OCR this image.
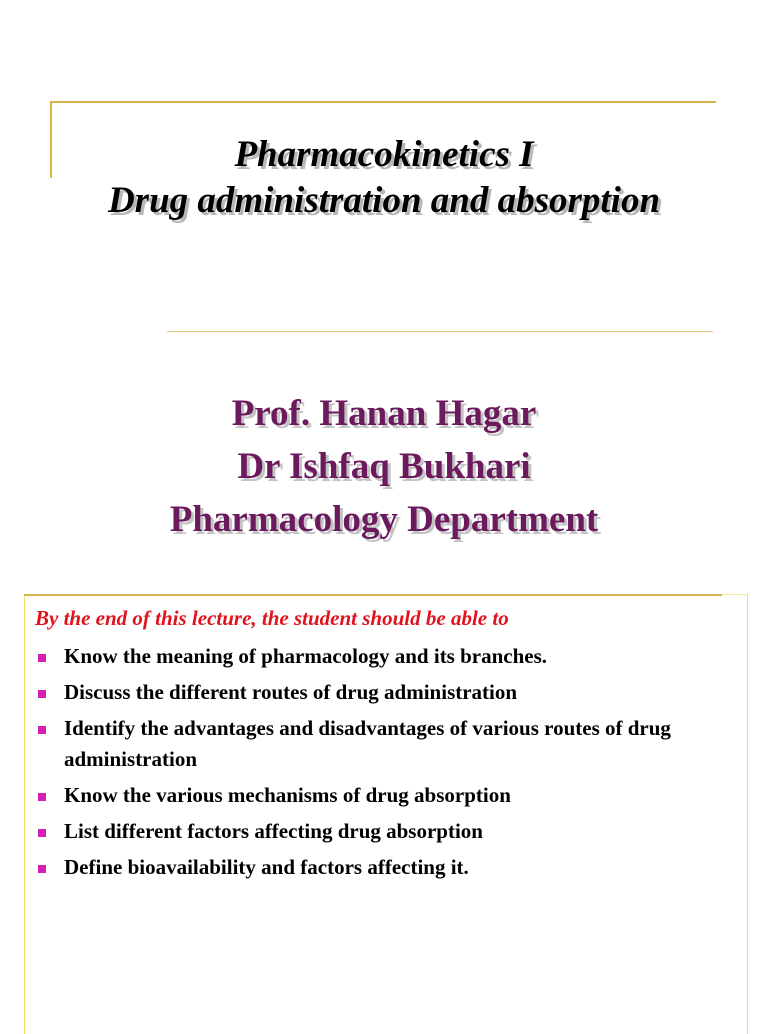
Pharmacokinetics I
Drug administration and absorption
Prof. Hanan Hagar
Dr Ishfaq Bukhari
Pharmacology Department
By the end of this lecture, the student should be able to
Know the meaning of pharmacology and its branches.
Discuss the different routes of drug administration
Identify the advantages and disadvantages of various routes of drug administration
Know the various mechanisms of drug absorption
List different factors affecting drug absorption
Define bioavailability and factors affecting it.
